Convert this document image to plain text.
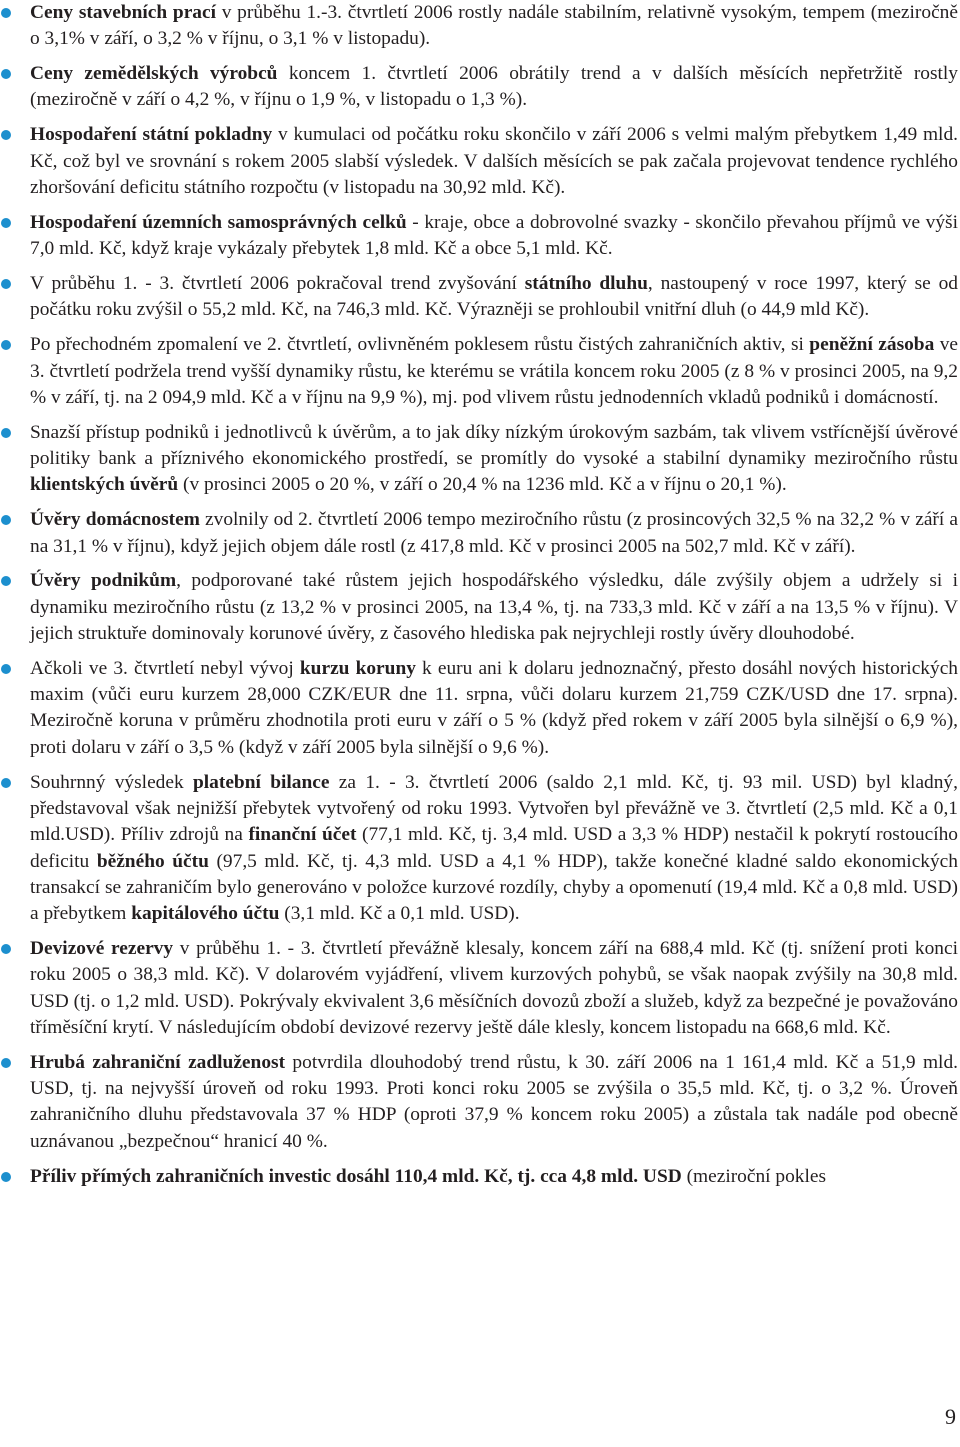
Ceny stavebních prací v průběhu 1.-3. čtvrtletí 2006 rostly nadále stabilním, relativně vysokým, tempem (meziročně o 3,1% v září, o 3,2 % v říjnu, o 3,1 % v listopadu).
Ceny zemědělských výrobců koncem 1. čtvrtletí 2006 obrátily trend a v dalších měsících nepřetržitě rostly (meziročně v září o 4,2 %, v říjnu o 1,9 %, v listopadu o 1,3 %).
Hospodaření státní pokladny v kumulaci od počátku roku skončilo v září 2006 s velmi malým přebytkem 1,49 mld. Kč, což byl ve srovnání s rokem 2005 slabší výsledek. V dalších měsících se pak začala projevovat tendence rychlého zhoršování deficitu státního rozpočtu (v listopadu na 30,92 mld. Kč).
Hospodaření územních samosprávných celků - kraje, obce a dobrovolné svazky - skončilo převahou příjmů ve výši 7,0 mld. Kč, když kraje vykázaly přebytek 1,8 mld. Kč a obce 5,1 mld. Kč.
V průběhu 1. - 3. čtvrtletí 2006 pokračoval trend zvyšování státního dluhu, nastoupený v roce 1997, který se od počátku roku zvýšil o 55,2 mld. Kč, na 746,3 mld. Kč. Výrazněji se prohloubil vnitřní dluh (o 44,9 mld Kč).
Po přechodném zpomalení ve 2. čtvrtletí, ovlivněném poklesem růstu čistých zahraničních aktiv, si peněžní zásoba ve 3. čtvrtletí podržela trend vyšší dynamiky růstu, ke kterému se vrátila koncem roku 2005 (z 8 % v prosinci 2005, na 9,2 % v září, tj. na 2 094,9 mld. Kč a v říjnu na 9,9 %), mj. pod vlivem růstu jednodenních vkladů podniků i domácností.
Snazší přístup podniků i jednotlivců k úvěrům, a to jak díky nízkým úrokovým sazbám, tak vlivem vstřícnější úvěrové politiky bank a příznivého ekonomického prostředí, se promítly do vysoké a stabilní dynamiky meziročního růstu klientských úvěrů (v prosinci 2005 o 20 %, v září o 20,4 % na 1236 mld. Kč a v říjnu o 20,1 %).
Úvěry domácnostem zvolnily od 2. čtvrtletí 2006 tempo meziročního růstu (z prosincových 32,5 % na 32,2 % v září a na 31,1 % v říjnu), když jejich objem dále rostl (z 417,8 mld. Kč v prosinci 2005 na 502,7 mld. Kč v září).
Úvěry podnikům, podporované také růstem jejich hospodářského výsledku, dále zvýšily objem a udržely si i dynamiku meziročního růstu (z 13,2 % v prosinci 2005, na 13,4 %, tj. na 733,3 mld. Kč v září a na 13,5 % v říjnu). V jejich struktuře dominovaly korunové úvěry, z časového hlediska pak nejrychleji rostly úvěry dlouhodobé.
Ačkoli ve 3. čtvrtletí nebyl vývoj kurzu koruny k euru ani k dolaru jednoznačný, přesto dosáhl nových historických maxim (vůči euru kurzem 28,000 CZK/EUR dne 11. srpna, vůči dolaru kurzem 21,759 CZK/USD dne 17. srpna). Meziročně koruna v průměru zhodnotila proti euru v září o 5 % (když před rokem v září 2005 byla silnější o 6,9 %), proti dolaru v září o 3,5 % (když v září 2005 byla silnější o 9,6 %).
Souhrnný výsledek platební bilance za 1. - 3. čtvrtletí 2006 (saldo 2,1 mld. Kč, tj. 93 mil. USD) byl kladný, představoval však nejnižší přebytek vytvořený od roku 1993. Vytvořen byl převážně ve 3. čtvrtletí (2,5 mld. Kč a 0,1 mld.USD). Příliv zdrojů na finanční účet (77,1 mld. Kč, tj. 3,4 mld. USD a 3,3 % HDP) nestačil k pokrytí rostoucího deficitu běžného účtu (97,5 mld. Kč, tj. 4,3 mld. USD a 4,1 % HDP), takže konečné kladné saldo ekonomických transakcí se zahraničím bylo generováno v položce kurzové rozdíly, chyby a opomenutí (19,4 mld. Kč a 0,8 mld. USD) a přebytkem kapitálového účtu (3,1 mld. Kč a 0,1 mld. USD).
Devizové rezervy v průběhu 1. - 3. čtvrtletí převážně klesaly, koncem září na 688,4 mld. Kč (tj. snížení proti konci roku 2005 o 38,3 mld. Kč). V dolarovém vyjádření, vlivem kurzových pohybů, se však naopak zvýšily na 30,8 mld. USD (tj. o 1,2 mld. USD). Pokrývaly ekvivalent 3,6 měsíčních dovozů zboží a služeb, když za bezpečné je považováno tříměsíční krytí. V následujícím období devizové rezervy ještě dále klesly, koncem listopadu na 668,6 mld. Kč.
Hrubá zahraniční zadluženost potvrdila dlouhodobý trend růstu, k 30. září 2006 na 1 161,4 mld. Kč a 51,9 mld. USD, tj. na nejvyšší úroveň od roku 1993. Proti konci roku 2005 se zvýšila o 35,5 mld. Kč, tj. o 3,2 %. Úroveň zahraničního dluhu představovala 37 % HDP (oproti 37,9 % koncem roku 2005) a zůstala tak nadále pod obecně uznávanou „bezpečnou“ hranicí 40 %.
Příliv přímých zahraničních investic dosáhl 110,4 mld. Kč, tj. cca 4,8 mld. USD (meziroční pokles
9
